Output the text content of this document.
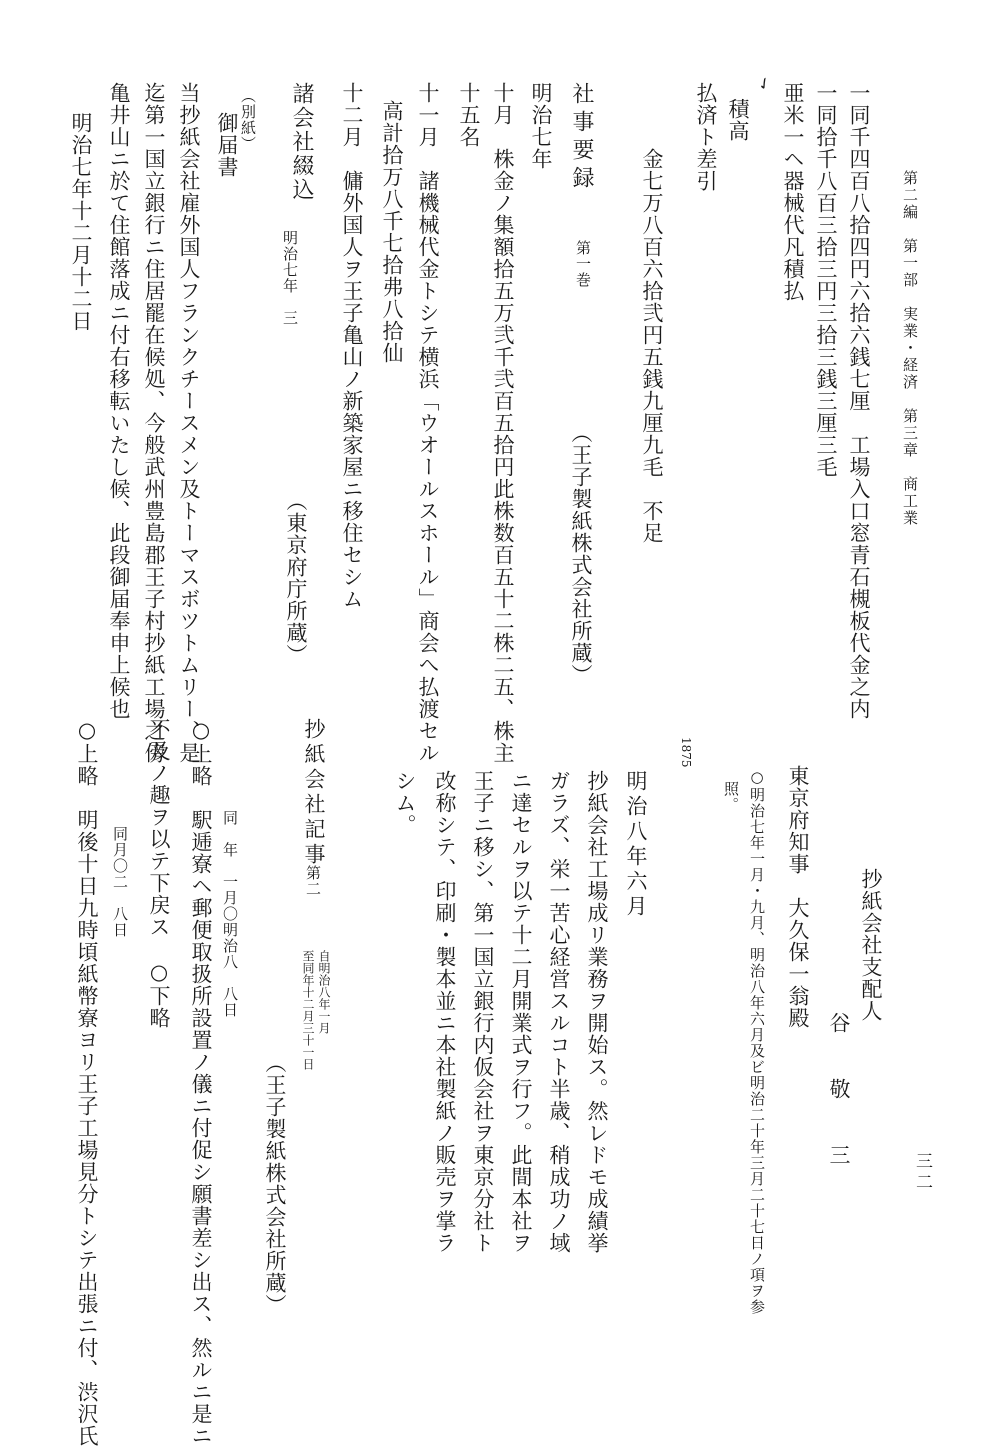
第二編　第一部　実業・経済　第三章　商工業
三二
一同千四百八拾四円六拾六銭七厘　工場入口窓青石槻板代金之内
一同拾千八百三拾三円三拾三銭三厘三毛
亜米一ヘ器械代凡積払
✓
積高
払済ト差引
金七万八百六拾弐円五銭九厘九毛　不足
社事要録
第一巻
（王子製紙株式会社所蔵）
明治七年
十月　株金ノ集額拾五万弐千弐百五拾円此株数百五十二株二五、株主
十五名
十一月　諸機械代金トシテ横浜「ウオールスホール」商会へ払渡セル
高計拾万八千七拾弗八拾仙
十二月　傭外国人ヲ王子亀山ノ新築家屋ニ移住セシム
諸会社綴込
明治七年　三
（東京府庁所蔵）
（別紙）
御届書
当抄紙会社雇外国人フランクチースメン及トーマスボツトムリー、是
迄第一国立銀行ニ住居罷在候処、今般武州豊島郡王子村抄紙工場之傍
亀井山ニ於て住館落成ニ付右移転いたし候、此段御届奉申上候也
明治七年十二月十二日
抄紙会社支配人
谷　　敬　　三
東京府知事　大久保一翁殿
○明治七年一月・九月、明治八年六月及ビ明治二十年三月二十七日ノ項ヲ参
照。
1875
明治八年六月
抄紙会社工場成リ業務ヲ開始ス。然レドモ成績挙
ガラズ、栄一苦心経営スルコト半歳、稍成功ノ域
ニ達セルヲ以テ十二月開業式ヲ行フ。此間本社ヲ
王子ニ移シ、第一国立銀行内仮会社ヲ東京分社ト
改称シテ、印刷・製本並ニ本社製紙ノ販売ヲ掌ラ
シム。
抄紙会社記事
第二
自明治八年一月
至同年十二月三十一日
（王子製紙株式会社所蔵）
同　年　一月〇明治八　八日
○上略　駅逓寮ヘ郵便取扱所設置ノ儀ニ付促シ願書差シ出ス、然ルニ是ニ
不及ノ趣ヲ以テ下戻ス　○下略
同月〇二　八日
○上略　明後十日九時頃紙幣寮ヨリ王子工場見分トシテ出張ニ付、渋沢氏
